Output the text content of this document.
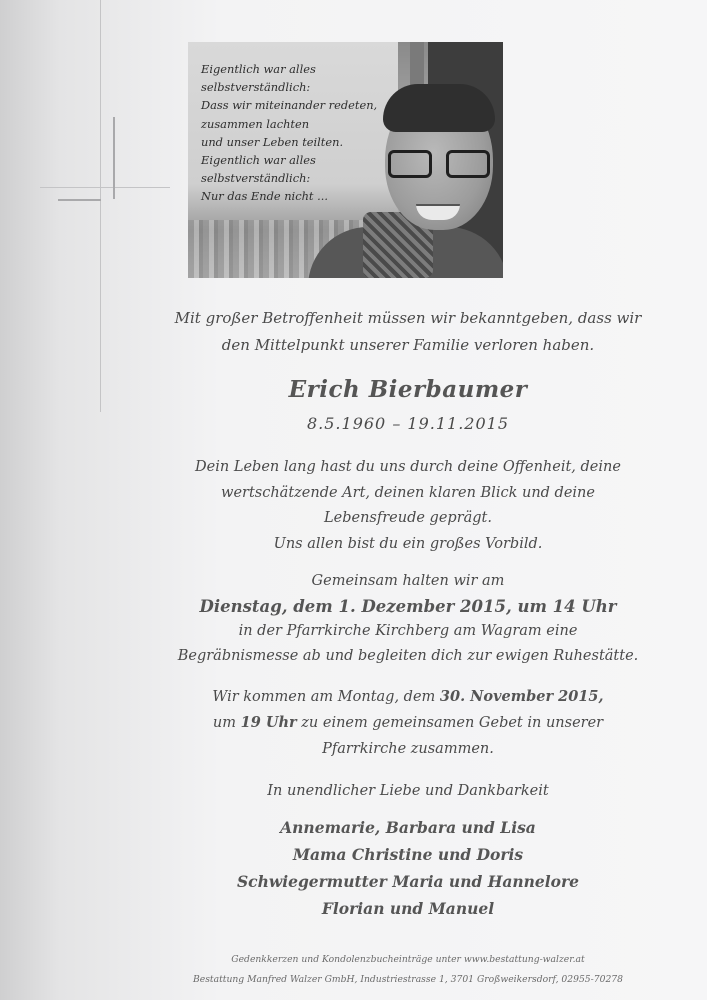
Eigentlich war alles
selbstverständlich:
Dass wir miteinander redeten,
zusammen lachten
und unser Leben teilten.
Eigentlich war alles
selbstverständlich:
Nur das Ende nicht ...
Mit großer Betroffenheit müssen wir bekanntgeben, dass wir
den Mittelpunkt unserer Familie verloren haben.
Erich Bierbaumer
8.5.1960 – 19.11.2015
Dein Leben lang hast du uns durch deine Offenheit, deine
wertschätzende Art, deinen klaren Blick und deine
Lebensfreude geprägt.
Uns allen bist du ein großes Vorbild.
Gemeinsam halten wir am
Dienstag, dem 1. Dezember 2015, um 14 Uhr
in der Pfarrkirche Kirchberg am Wagram eine
Begräbnismesse ab und begleiten dich zur ewigen Ruhestätte.
Wir kommen am Montag, dem 30. November 2015,
um 19 Uhr zu einem gemeinsamen Gebet in unserer
Pfarrkirche zusammen.
In unendlicher Liebe und Dankbarkeit
Annemarie, Barbara und Lisa
Mama Christine und Doris
Schwiegermutter Maria und Hannelore
Florian und Manuel
Gedenkkerzen und Kondolenzbucheinträge unter www.bestattung-walzer.at
Bestattung Manfred Walzer GmbH, Industriestrasse 1, 3701 Großweikersdorf, 02955-70278
